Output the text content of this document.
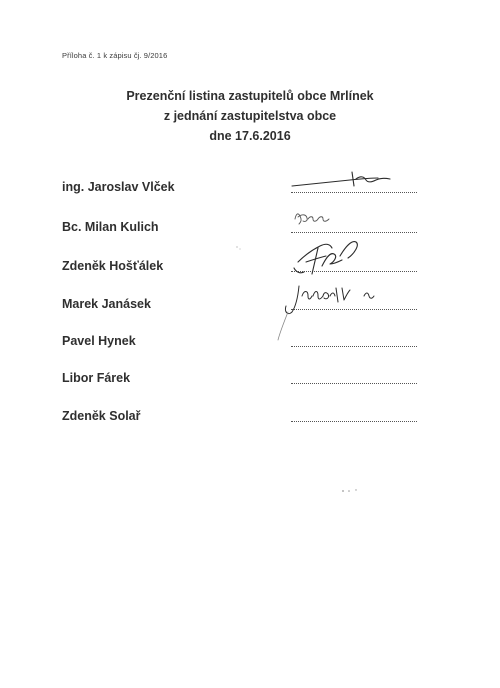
Příloha č. 1 k zápisu čj. 9/2016
Prezenční listina zastupitelů obce Mrlínek
z jednání zastupitelstva obce
dne 17.6.2016
ing. Jaroslav Vlček
Bc. Milan Kulich
Zdeněk Hošťálek
Marek Janásek
Pavel Hynek
Libor Fárek
Zdeněk Solař
